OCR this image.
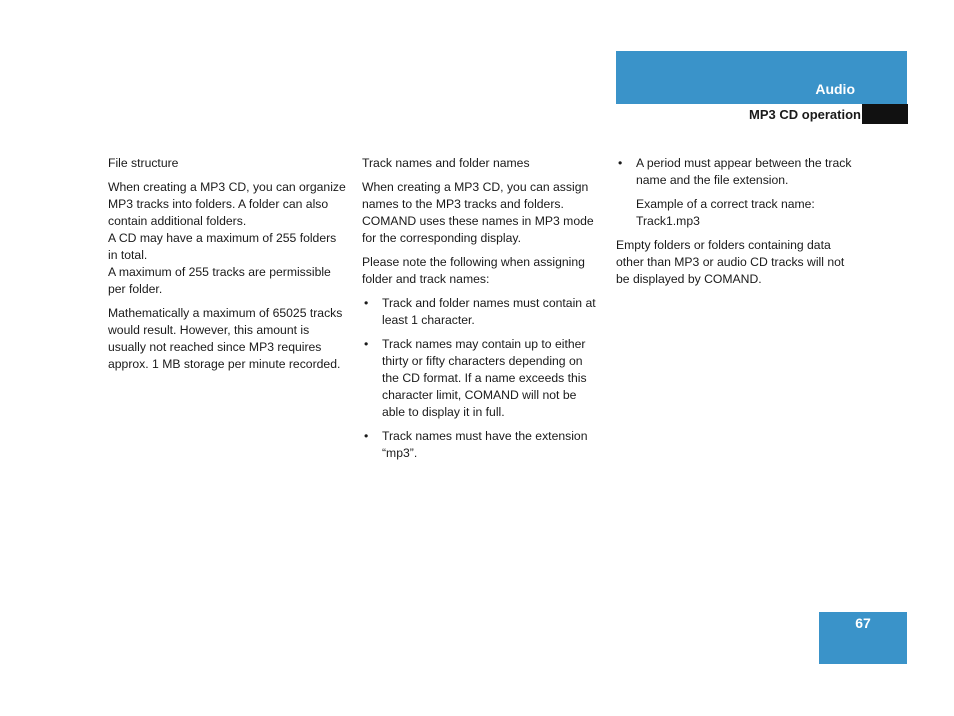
Audio
MP3 CD operation

File structure

When creating a MP3 CD, you can organize MP3 tracks into folders. A folder can also contain additional folders.

A CD may have a maximum of 255 folders in total.

A maximum of 255 tracks are permissible per folder.

Mathematically a maximum of 65025 tracks would result. However, this amount is usually not reached since MP3 requires approx. 1 MB storage per minute recorded.

Track names and folder names

When creating a MP3 CD, you can assign names to the MP3 tracks and folders. COMAND uses these names in MP3 mode for the corresponding display.

Please note the following when assigning folder and track names:

• Track and folder names must contain at least 1 character.
• Track names may contain up to either thirty or fifty characters depending on the CD format. If a name exceeds this character limit, COMAND will not be able to display it in full.
• Track names must have the extension “mp3”.
• A period must appear between the track name and the file extension.
Example of a correct track name:
Track1.mp3

Empty folders or folders containing data other than MP3 or audio CD tracks will not be displayed by COMAND.

67
